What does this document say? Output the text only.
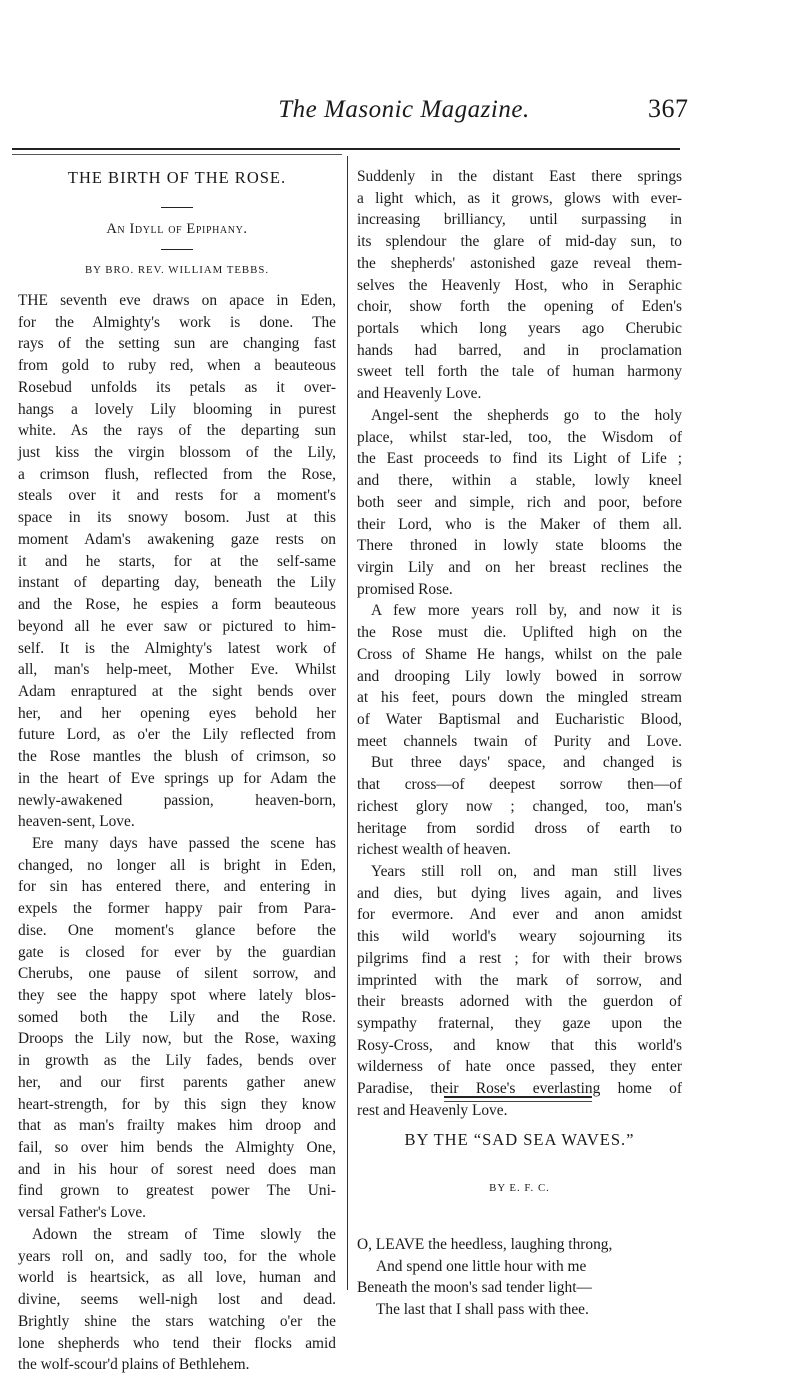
The Masonic Magazine.	367
THE BIRTH OF THE ROSE.
An Idyll of Epiphany.
BY BRO. REV. WILLIAM TEBBS.
THE seventh eve draws on apace in Eden,
for the Almighty's work is done. The
rays of the setting sun are changing fast
from gold to ruby red, when a beauteous
Rosebud unfolds its petals as it over-
hangs a lovely Lily blooming in purest
white. As the rays of the departing sun
just kiss the virgin blossom of the Lily,
a crimson flush, reflected from the Rose,
steals over it and rests for a moment's
space in its snowy bosom. Just at this
moment Adam's awakening gaze rests on
it and he starts, for at the self-same
instant of departing day, beneath the Lily
and the Rose, he espies a form beauteous
beyond all he ever saw or pictured to him-
self. It is the Almighty's latest work of
all, man's help-meet, Mother Eve. Whilst
Adam enraptured at the sight bends over
her, and her opening eyes behold her
future Lord, as o'er the Lily reflected from
the Rose mantles the blush of crimson, so
in the heart of Eve springs up for Adam the
newly-awakened passion, heaven-born,
heaven-sent, Love.
Ere many days have passed the scene has
changed, no longer all is bright in Eden,
for sin has entered there, and entering in
expels the former happy pair from Para-
dise. One moment's glance before the
gate is closed for ever by the guardian
Cherubs, one pause of silent sorrow, and
they see the happy spot where lately blos-
somed both the Lily and the Rose.
Droops the Lily now, but the Rose, waxing
in growth as the Lily fades, bends over
her, and our first parents gather anew
heart-strength, for by this sign they know
that as man's frailty makes him droop and
fail, so over him bends the Almighty One,
and in his hour of sorest need does man
find grown to greatest power The Uni-
versal Father's Love.
Adown the stream of Time slowly the
years roll on, and sadly too, for the whole
world is heartsick, as all love, human and
divine, seems well-nigh lost and dead.
Brightly shine the stars watching o'er the
lone shepherds who tend their flocks amid
the wolf-scour'd plains of Bethlehem.
Suddenly in the distant East there springs
a light which, as it grows, glows with ever-
increasing brilliancy, until surpassing in
its splendour the glare of mid-day sun, to
the shepherds' astonished gaze reveal them-
selves the Heavenly Host, who in Seraphic
choir, show forth the opening of Eden's
portals which long years ago Cherubic
hands had barred, and in proclamation
sweet tell forth the tale of human harmony
and Heavenly Love.
Angel-sent the shepherds go to the holy
place, whilst star-led, too, the Wisdom of
the East proceeds to find its Light of Life ;
and there, within a stable, lowly kneel
both seer and simple, rich and poor, before
their Lord, who is the Maker of them all.
There throned in lowly state blooms the
virgin Lily and on her breast reclines the
promised Rose.
A few more years roll by, and now it is
the Rose must die. Uplifted high on the
Cross of Shame He hangs, whilst on the pale
and drooping Lily lowly bowed in sorrow
at his feet, pours down the mingled stream
of Water Baptismal and Eucharistic Blood,
meet channels twain of Purity and Love.
But three days' space, and changed is
that cross—of deepest sorrow then—of
richest glory now ; changed, too, man's
heritage from sordid dross of earth to
richest wealth of heaven.
Years still roll on, and man still lives
and dies, but dying lives again, and lives
for evermore. And ever and anon amidst
this wild world's weary sojourning its
pilgrims find a rest ; for with their brows
imprinted with the mark of sorrow, and
their breasts adorned with the guerdon of
sympathy fraternal, they gaze upon the
Rosy-Cross, and know that this world's
wilderness of hate once passed, they enter
Paradise, their Rose's everlasting home of
rest and Heavenly Love.
BY THE “SAD SEA WAVES.”
BY E. F. C.
O, LEAVE the heedless, laughing throng,
And spend one little hour with me
Beneath the moon's sad tender light—
The last that I shall pass with thee.
